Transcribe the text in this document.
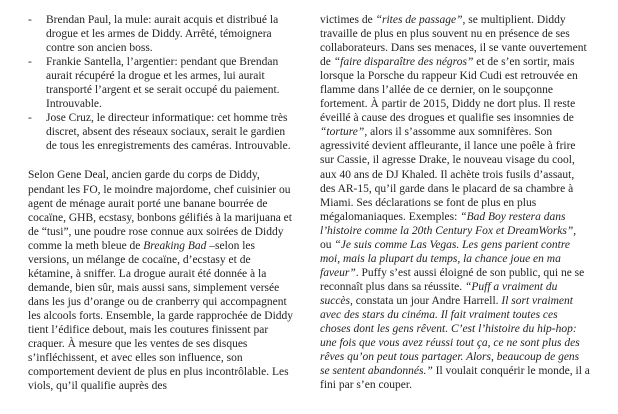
-	Brendan Paul, la mule: aurait acquis et distribué la drogue et les armes de Diddy. Arrêté, témoignera contre son ancien boss.
-	Frankie Santella, l’argentier: pendant que Brendan aurait récupéré la drogue et les armes, lui aurait transporté l’argent et se serait occupé du paiement. Introuvable.
-	Jose Cruz, le directeur informatique: cet homme très discret, absent des réseaux sociaux, serait le gardien de tous les enregistrements des caméras. Introuvable.

Selon Gene Deal, ancien garde du corps de Diddy, pendant les FO, le moindre majordome, chef cuisinier ou agent de ménage aurait porté une banane bourrée de cocaïne, GHB, ecstasy, bonbons gélifiés à la marijuana et de “tusi”, une poudre rose connue aux soirées de Diddy comme la meth bleue de Breaking Bad –selon les versions, un mélange de cocaïne, d’ecstasy et de kétamine, à sniffer. La drogue aurait été donnée à la demande, bien sûr, mais aussi sans, simplement versée dans les jus d’orange ou de cranberry qui accompagnent les alcools forts. Ensemble, la garde rapprochée de Diddy tient l’édifice debout, mais les coutures finissent par craquer. À mesure que les ventes de ses disques s’infléchissent, et avec elles son influence, son comportement devient de plus en plus incontrôlable. Les viols, qu’il qualifie auprès des

victimes de “rites de passage”, se multiplient. Diddy travaille de plus en plus souvent nu en présence de ses collaborateurs. Dans ses menaces, il se vante ouvertement de “faire disparaître des négros” et de s’en sortir, mais lorsque la Porsche du rappeur Kid Cudi est retrouvée en flamme dans l’allée de ce dernier, on le soupçonne fortement. À partir de 2015, Diddy ne dort plus. Il reste éveillé à cause des drogues et qualifie ses insomnies de “torture”, alors il s’assomme aux somnifères. Son agressivité devient affleurante, il lance une poêle à frire sur Cassie, il agresse Drake, le nouveau visage du cool, aux 40 ans de DJ Khaled. Il achète trois fusils d’assaut, des AR-15, qu’il garde dans le placard de sa chambre à Miami. Ses déclarations se font de plus en plus mégalomaniaques. Exemples: “Bad Boy restera dans l’histoire comme la 20th Century Fox et DreamWorks”, ou “Je suis comme Las Vegas. Les gens parient contre moi, mais la plupart du temps, la chance joue en ma faveur”. Puffy s’est aussi éloigné de son public, qui ne se reconnaît plus dans sa réussite. “Puff a vraiment du succès, constata un jour Andre Harrell. Il sort vraiment avec des stars du cinéma. Il fait vraiment toutes ces choses dont les gens rêvent. C’est l’histoire du hip-hop: une fois que vous avez réussi tout ça, ce ne sont plus des rêves qu’on peut tous partager. Alors, beaucoup de gens se sentent abandonnés.” Il voulait conquérir le monde, il a fini par s’en couper.
